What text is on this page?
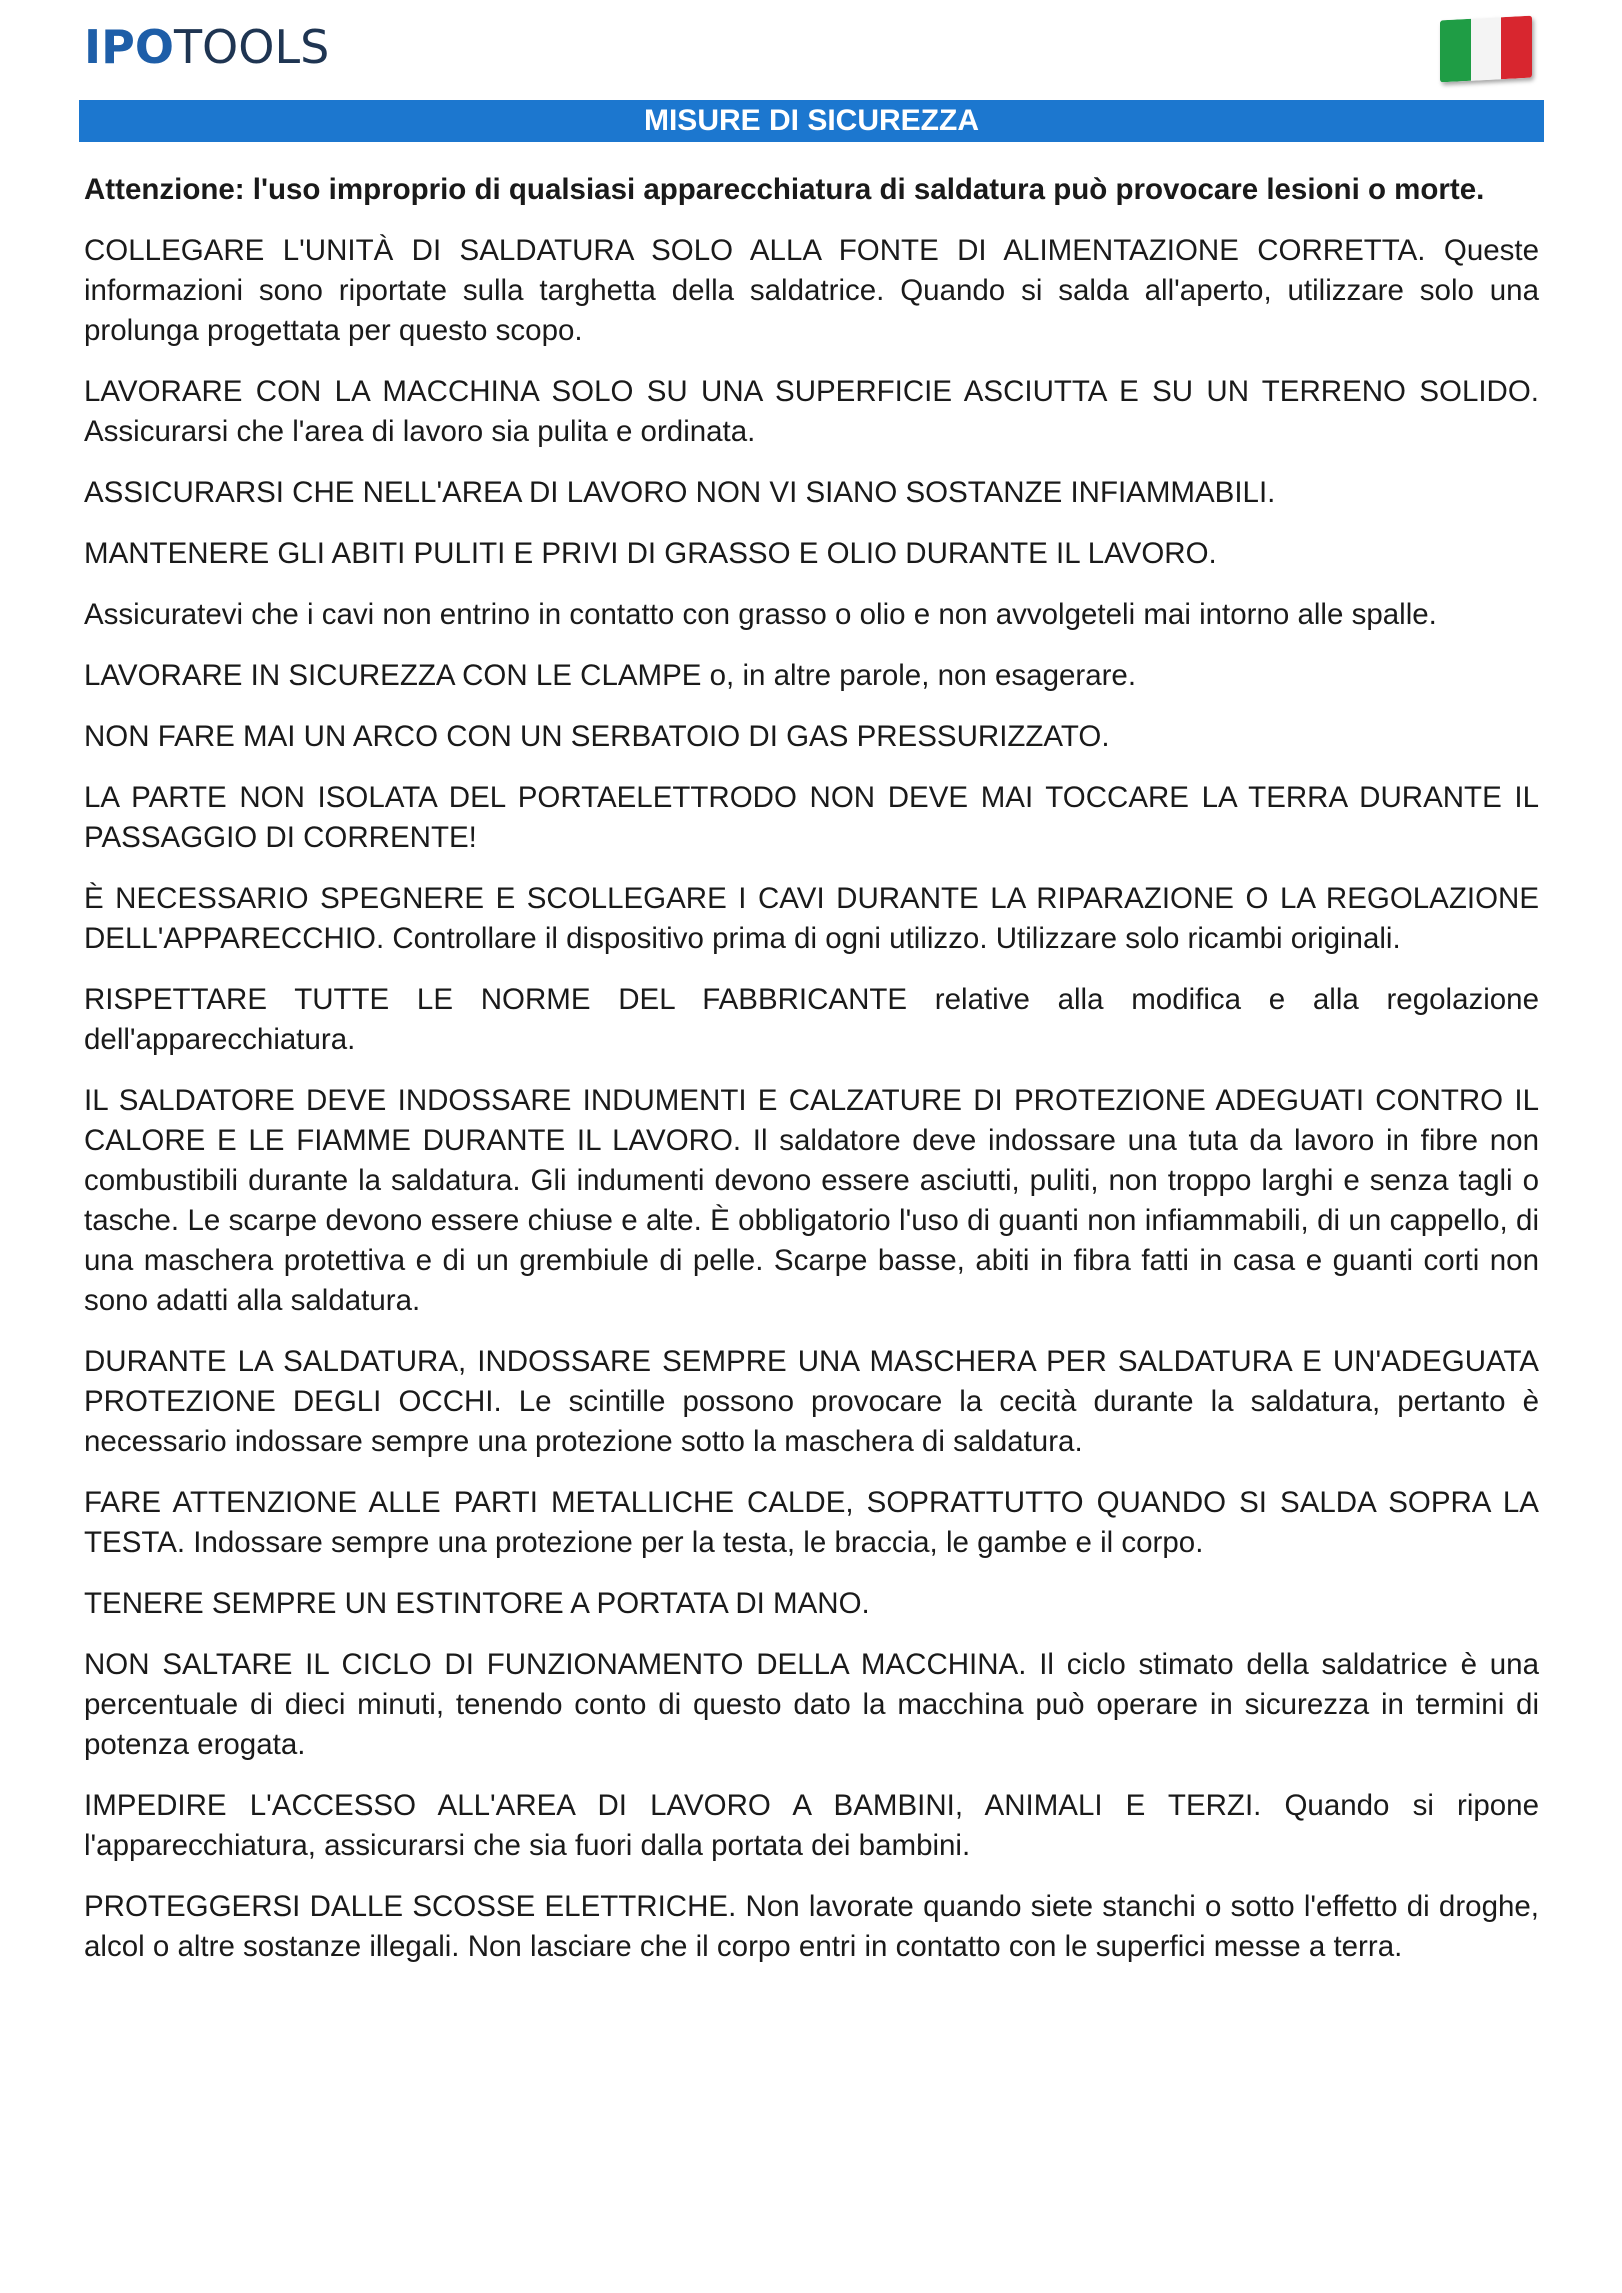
IPOTOOLS
MISURE DI SICUREZZA

Attenzione: l'uso improprio di qualsiasi apparecchiatura di saldatura può provocare lesioni o morte.

COLLEGARE L'UNITÀ DI SALDATURA SOLO ALLA FONTE DI ALIMENTAZIONE CORRETTA. Queste informazioni sono riportate sulla targhetta della saldatrice. Quando si salda all'aperto, utilizzare solo una prolunga progettata per questo scopo.

LAVORARE CON LA MACCHINA SOLO SU UNA SUPERFICIE ASCIUTTA E SU UN TERRENO SOLIDO. Assicurarsi che l'area di lavoro sia pulita e ordinata.

ASSICURARSI CHE NELL'AREA DI LAVORO NON VI SIANO SOSTANZE INFIAMMABILI.

MANTENERE GLI ABITI PULITI E PRIVI DI GRASSO E OLIO DURANTE IL LAVORO.

Assicuratevi che i cavi non entrino in contatto con grasso o olio e non avvolgeteli mai intorno alle spalle.

LAVORARE IN SICUREZZA CON LE CLAMPE o, in altre parole, non esagerare.

NON FARE MAI UN ARCO CON UN SERBATOIO DI GAS PRESSURIZZATO.

LA PARTE NON ISOLATA DEL PORTAELETTRODO NON DEVE MAI TOCCARE LA TERRA DURANTE IL PASSAGGIO DI CORRENTE!

È NECESSARIO SPEGNERE E SCOLLEGARE I CAVI DURANTE LA RIPARAZIONE O LA REGOLAZIONE DELL'APPARECCHIO. Controllare il dispositivo prima di ogni utilizzo. Utilizzare solo ricambi originali.

RISPETTARE TUTTE LE NORME DEL FABBRICANTE relative alla modifica e alla regolazione dell'apparecchiatura.

IL SALDATORE DEVE INDOSSARE INDUMENTI E CALZATURE DI PROTEZIONE ADEGUATI CONTRO IL CALORE E LE FIAMME DURANTE IL LAVORO. Il saldatore deve indossare una tuta da lavoro in fibre non combustibili durante la saldatura. Gli indumenti devono essere asciutti, puliti, non troppo larghi e senza tagli o tasche. Le scarpe devono essere chiuse e alte. È obbligatorio l'uso di guanti non infiammabili, di un cappello, di una maschera protettiva e di un grembiule di pelle. Scarpe basse, abiti in fibra fatti in casa e guanti corti non sono adatti alla saldatura.

DURANTE LA SALDATURA, INDOSSARE SEMPRE UNA MASCHERA PER SALDATURA E UN'ADEGUATA PROTEZIONE DEGLI OCCHI. Le scintille possono provocare la cecità durante la saldatura, pertanto è necessario indossare sempre una protezione sotto la maschera di saldatura.

FARE ATTENZIONE ALLE PARTI METALLICHE CALDE, SOPRATTUTTO QUANDO SI SALDA SOPRA LA TESTA. Indossare sempre una protezione per la testa, le braccia, le gambe e il corpo.

TENERE SEMPRE UN ESTINTORE A PORTATA DI MANO.

NON SALTARE IL CICLO DI FUNZIONAMENTO DELLA MACCHINA. Il ciclo stimato della saldatrice è una percentuale di dieci minuti, tenendo conto di questo dato la macchina può operare in sicurezza in termini di potenza erogata.

IMPEDIRE L'ACCESSO ALL'AREA DI LAVORO A BAMBINI, ANIMALI E TERZI. Quando si ripone l'apparecchiatura, assicurarsi che sia fuori dalla portata dei bambini.

PROTEGGERSI DALLE SCOSSE ELETTRICHE. Non lavorate quando siete stanchi o sotto l'effetto di droghe, alcol o altre sostanze illegali. Non lasciare che il corpo entri in contatto con le superfici messe a terra.
